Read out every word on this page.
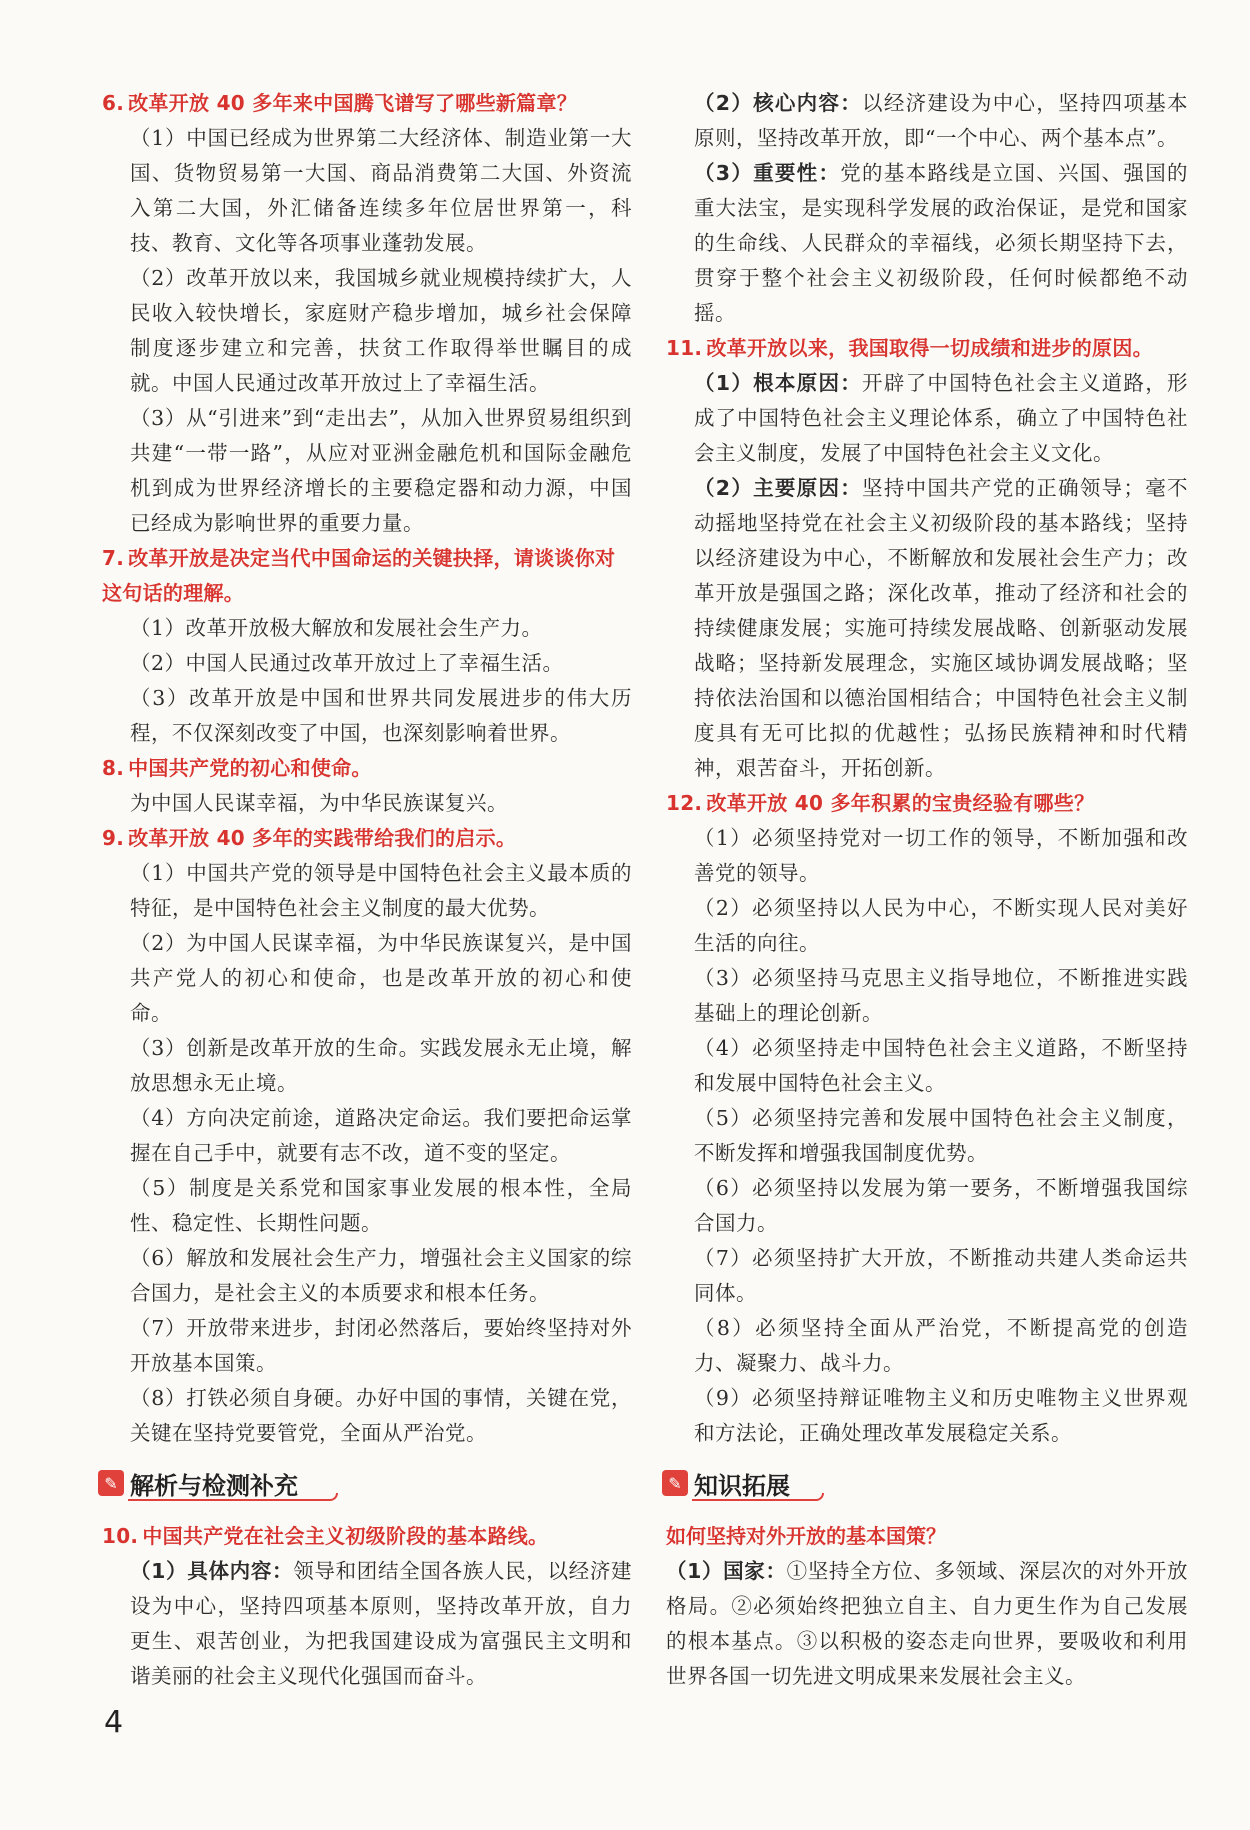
6. 改革开放 40 多年来中国腾飞谱写了哪些新篇章？

（1）中国已经成为世界第二大经济体、制造业第一大国、货物贸易第一大国、商品消费第二大国、外资流入第二大国，外汇储备连续多年位居世界第一，科技、教育、文化等各项事业蓬勃发展。

（2）改革开放以来，我国城乡就业规模持续扩大，人民收入较快增长，家庭财产稳步增加，城乡社会保障制度逐步建立和完善，扶贫工作取得举世瞩目的成就。中国人民通过改革开放过上了幸福生活。

（3）从“引进来”到“走出去”，从加入世界贸易组织到共建“一带一路”，从应对亚洲金融危机和国际金融危机到成为世界经济增长的主要稳定器和动力源，中国已经成为影响世界的重要力量。

7. 改革开放是决定当代中国命运的关键抉择，请谈谈你对这句话的理解。

（1）改革开放极大解放和发展社会生产力。

（2）中国人民通过改革开放过上了幸福生活。

（3）改革开放是中国和世界共同发展进步的伟大历程，不仅深刻改变了中国，也深刻影响着世界。

8. 中国共产党的初心和使命。

为中国人民谋幸福，为中华民族谋复兴。

9. 改革开放 40 多年的实践带给我们的启示。

（1）中国共产党的领导是中国特色社会主义最本质的特征，是中国特色社会主义制度的最大优势。

（2）为中国人民谋幸福，为中华民族谋复兴，是中国共产党人的初心和使命，也是改革开放的初心和使命。

（3）创新是改革开放的生命。实践发展永无止境，解放思想永无止境。

（4）方向决定前途，道路决定命运。我们要把命运掌握在自己手中，就要有志不改，道不变的坚定。

（5）制度是关系党和国家事业发展的根本性，全局性、稳定性、长期性问题。

（6）解放和发展社会生产力，增强社会主义国家的综合国力，是社会主义的本质要求和根本任务。

（7）开放带来进步，封闭必然落后，要始终坚持对外开放基本国策。

（8）打铁必须自身硬。办好中国的事情，关键在党，关键在坚持党要管党，全面从严治党。

✎ 解析与检测补充

10. 中国共产党在社会主义初级阶段的基本路线。

（1）具体内容：领导和团结全国各族人民，以经济建设为中心，坚持四项基本原则，坚持改革开放，自力更生、艰苦创业，为把我国建设成为富强民主文明和谐美丽的社会主义现代化强国而奋斗。

（2）核心内容：以经济建设为中心，坚持四项基本原则，坚持改革开放，即“一个中心、两个基本点”。

（3）重要性：党的基本路线是立国、兴国、强国的重大法宝，是实现科学发展的政治保证，是党和国家的生命线、人民群众的幸福线，必须长期坚持下去，贯穿于整个社会主义初级阶段，任何时候都绝不动摇。

11. 改革开放以来，我国取得一切成绩和进步的原因。

（1）根本原因：开辟了中国特色社会主义道路，形成了中国特色社会主义理论体系，确立了中国特色社会主义制度，发展了中国特色社会主义文化。

（2）主要原因：坚持中国共产党的正确领导；毫不动摇地坚持党在社会主义初级阶段的基本路线；坚持以经济建设为中心，不断解放和发展社会生产力；改革开放是强国之路；深化改革，推动了经济和社会的持续健康发展；实施可持续发展战略、创新驱动发展战略；坚持新发展理念，实施区域协调发展战略；坚持依法治国和以德治国相结合；中国特色社会主义制度具有无可比拟的优越性；弘扬民族精神和时代精神，艰苦奋斗，开拓创新。

12. 改革开放 40 多年积累的宝贵经验有哪些？

（1）必须坚持党对一切工作的领导，不断加强和改善党的领导。

（2）必须坚持以人民为中心，不断实现人民对美好生活的向往。

（3）必须坚持马克思主义指导地位，不断推进实践基础上的理论创新。

（4）必须坚持走中国特色社会主义道路，不断坚持和发展中国特色社会主义。

（5）必须坚持完善和发展中国特色社会主义制度，不断发挥和增强我国制度优势。

（6）必须坚持以发展为第一要务，不断增强我国综合国力。

（7）必须坚持扩大开放，不断推动共建人类命运共同体。

（8）必须坚持全面从严治党，不断提高党的创造力、凝聚力、战斗力。

（9）必须坚持辩证唯物主义和历史唯物主义世界观和方法论，正确处理改革发展稳定关系。

✎ 知识拓展

如何坚持对外开放的基本国策？

（1）国家：①坚持全方位、多领域、深层次的对外开放格局。②必须始终把独立自主、自力更生作为自己发展的根本基点。③以积极的姿态走向世界，要吸收和利用世界各国一切先进文明成果来发展社会主义。

4
